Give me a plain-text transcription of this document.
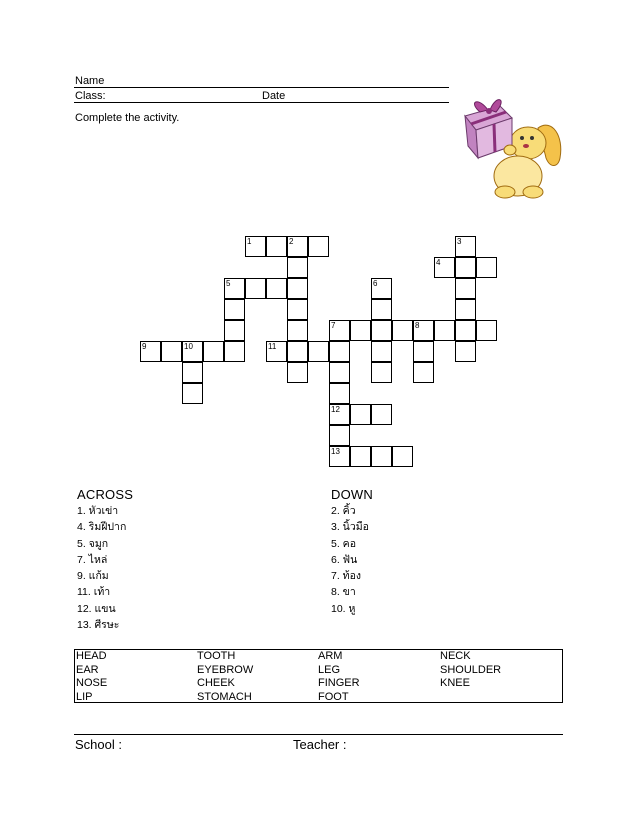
Name
Class:	Date
Complete the activity.
1	2	3
4
5	6
7	8
9	10	11
12
13
ACROSS
1. หัวเข่า
4. ริมฝีปาก
5. จมูก
7. ไหล่
9. แก้ม
11. เท้า
12. แขน
13. ศีรษะ
DOWN
2. คิ้ว
3. นิ้วมือ
5. คอ
6. ฟัน
7. ท้อง
8. ขา
10. หู
HEAD	TOOTH	ARM	NECK
EAR	EYEBROW	LEG	SHOULDER
NOSE	CHEEK	FINGER	KNEE
LIP	STOMACH	FOOT
School :	Teacher :
